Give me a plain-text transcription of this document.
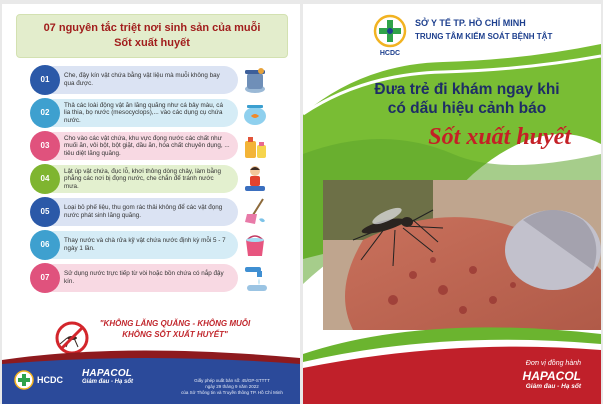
07 nguyên tắc triệt nơi sinh sản của muỗi
Sốt xuất huyết
01	Che, đậy kín vật chứa bằng vật liệu mà muỗi không bay qua được.
02
Thả các loài động vật ăn lăng quăng như cá bảy màu, cá lia thia, bọ nước (mesocyclops),... vào các dụng cụ chứa nước.
03
Cho vào các vật chứa, khu vực đọng nước các chất như muối ăn, vôi bột, bột giặt, dầu ăn, hóa chất chuyên dụng, ... tiêu diệt lăng quăng.
04
Lật úp vật chứa, đục lỗ, khơi thông dòng chảy, làm bằng phẳng các nơi bị đọng nước, che chắn để tránh nước mưa.
05	Loại bỏ phế liệu, thu gom rác thải không để các vật đọng nước phát sinh lăng quăng.
06	Thay nước và chà rửa kỹ vật chứa nước định kỳ mỗi 5 - 7 ngày 1 lần.
07	Sử dụng nước trực tiếp từ vòi hoặc bồn chứa có nắp đậy kín.
"KHÔNG LĂNG QUĂNG - KHÔNG MUỖI
KHÔNG SỐT XUẤT HUYẾT"
HCDC
HAPACOL
Giảm đau - Hạ sốt	Giấy phép xuất bản số: 45/GP-STTTT
ngày 29 tháng 9 năm 2022
của Sở Thông tin và Truyền thông TP. Hồ Chí Minh
HCDC
SỞ Y TẾ TP. HỒ CHÍ MINH
TRUNG TÂM KIỂM SOÁT BỆNH TẬT
Đưa trẻ đi khám ngay khi
có dấu hiệu cảnh báo
Sốt xuất huyết
Đơn vị đồng hành
HAPACOL
Giảm đau - Hạ sốt
